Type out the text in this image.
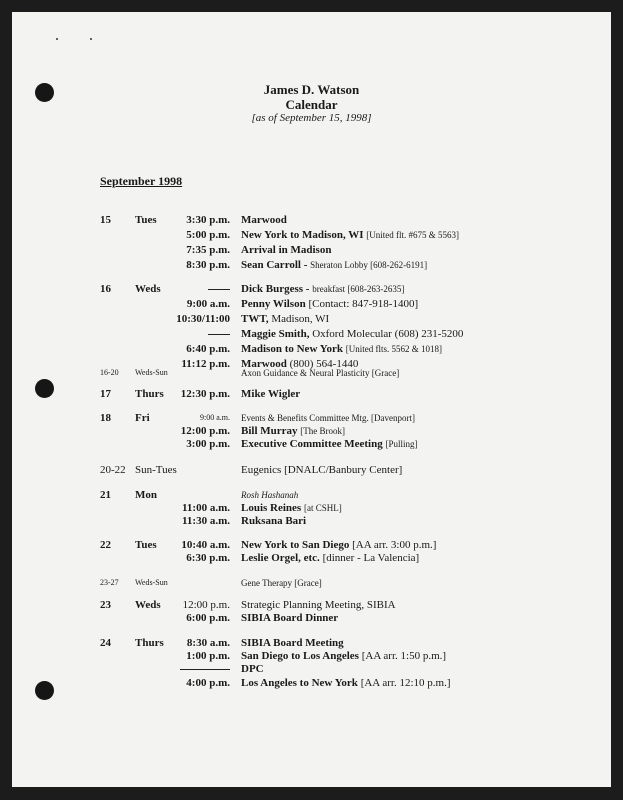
James D. Watson
Calendar
[as of September 15, 1998]
September 1998
15 Tues	3:30 p.m. Marwood
5:00 p.m. New York to Madison, WI [United flt. #675 & 5563]
7:35 p.m. Arrival in Madison
8:30 p.m. Sean Carroll - Sheraton Lobby [608-262-6191]
16 Weds	Dick Burgess - breakfast [608-263-2635]
9:00 a.m. Penny Wilson [Contact: 847-918-1400]
10:30/11:00 TWT, Madison, WI
Maggie Smith, Oxford Molecular (608) 231-5200
6:40 p.m. Madison to New York [United flts. 5562 & 1018]
11:12 p.m. Marwood (800) 564-1440
16-20 Weds-Sun	Axon Guidance & Neural Plasticity [Grace]
17 Thurs 12:30 p.m. Mike Wigler
18 Fri	9:00 a.m. Events & Benefits Committee Mtg. [Davenport]
12:00 p.m. Bill Murray [The Brook]
3:00 p.m. Executive Committee Meeting [Pulling]
20-22 Sun-Tues	Eugenics [DNALC/Banbury Center]
21 Mon	Rosh Hashanah
11:00 a.m. Louis Reines [at CSHL]
11:30 a.m. Ruksana Bari
22 Tues 10:40 a.m. New York to San Diego [AA arr. 3:00 p.m.]
6:30 p.m. Leslie Orgel, etc. [dinner - La Valencia]
23-27 Weds-Sun	Gene Therapy [Grace]
23 Weds 12:00 p.m. Strategic Planning Meeting, SIBIA
6:00 p.m. SIBIA Board Dinner
24 Thurs 8:30 a.m. SIBIA Board Meeting
1:00 p.m. San Diego to Los Angeles [AA arr. 1:50 p.m.]
DPC
4:00 p.m. Los Angeles to New York [AA arr. 12:10 p.m.]
